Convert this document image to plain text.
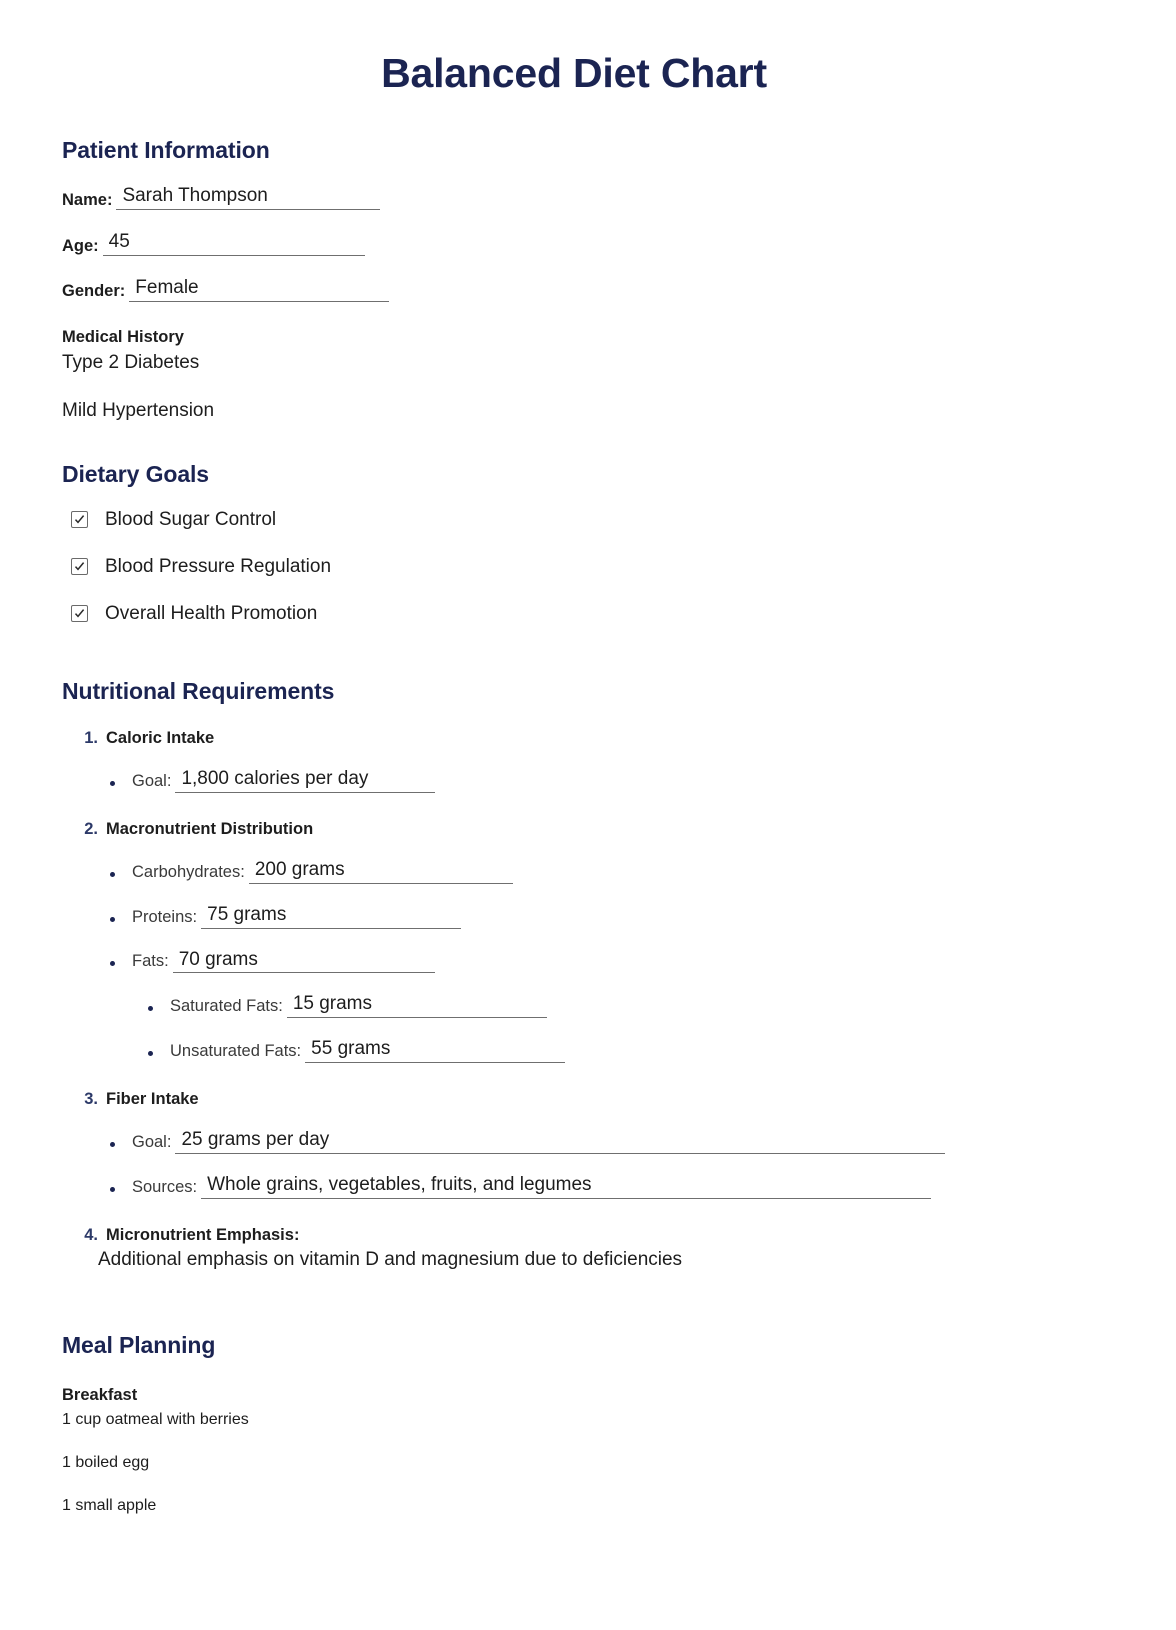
Balanced Diet Chart
Patient Information
Name: Sarah Thompson
Age: 45
Gender: Female
Medical History
Type 2 Diabetes
Mild Hypertension
Dietary Goals
Blood Sugar Control
Blood Pressure Regulation
Overall Health Promotion
Nutritional Requirements
1. Caloric Intake
Goal: 1,800 calories per day
2. Macronutrient Distribution
Carbohydrates: 200 grams
Proteins: 75 grams
Fats: 70 grams
Saturated Fats: 15 grams
Unsaturated Fats: 55 grams
3. Fiber Intake
Goal: 25 grams per day
Sources: Whole grains, vegetables, fruits, and legumes
4. Micronutrient Emphasis:
Additional emphasis on vitamin D and magnesium due to deficiencies
Meal Planning
Breakfast
1 cup oatmeal with berries
1 boiled egg
1 small apple
